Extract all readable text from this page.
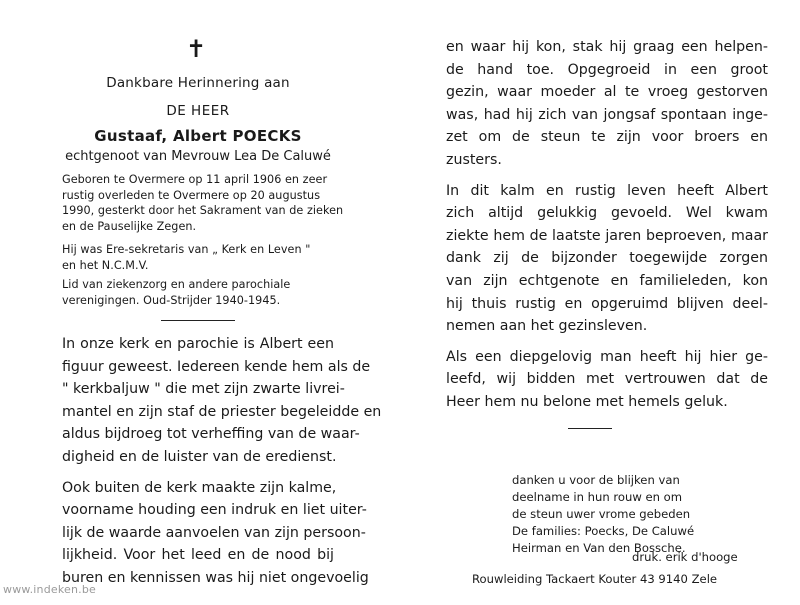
✝
Dankbare Herinnering aan
DE HEER
Gustaaf, Albert POECKS
echtgenoot van Mevrouw Lea De Caluwé
Geboren te Overmere op 11 april 1906 en zeer
rustig overleden te Overmere op 20 augustus
1990, gesterkt door het Sakrament van de zieken
en de Pauselijke Zegen.
Hij was Ere-sekretaris van „ Kerk en Leven "
en het N.C.M.V.
Lid van ziekenzorg en andere parochiale
verenigingen. Oud-Strijder 1940-1945.
In onze kerk en parochie is Albert een
figuur geweest. Iedereen kende hem als de
" kerkbaljuw " die met zijn zwarte livrei-
mantel en zijn staf de priester begeleidde en
aldus bijdroeg tot verheffing van de waar-
digheid en de luister van de eredienst.
Ook buiten de kerk maakte zijn kalme,
voorname houding een indruk en liet uiter-
lijk de waarde aanvoelen van zijn persoon-
lijkheid. Voor het leed en de nood bij
buren en kennissen was hij niet ongevoelig
en waar hij kon, stak hij graag een helpen-
de hand toe. Opgegroeid in een groot
gezin, waar moeder al te vroeg gestorven
was, had hij zich van jongsaf spontaan inge-
zet om de steun te zijn voor broers en
zusters.
In dit kalm en rustig leven heeft Albert
zich altijd gelukkig gevoeld. Wel kwam
ziekte hem de laatste jaren beproeven, maar
dank zij de bijzonder toegewijde zorgen
van zijn echtgenote en familieleden, kon
hij thuis rustig en opgeruimd blijven deel-
nemen aan het gezinsleven.
Als een diepgelovig man heeft hij hier ge-
leefd, wij bidden met vertrouwen dat de
Heer hem nu belone met hemels geluk.
danken u voor de blijken van
deelname in hun rouw en om
de steun uwer vrome gebeden
De families: Poecks, De Caluwé
Heirman en Van den Bossche.
druk. erik d'hooge
Rouwleiding Tackaert Kouter 43 9140 Zele
www.indeken.be
